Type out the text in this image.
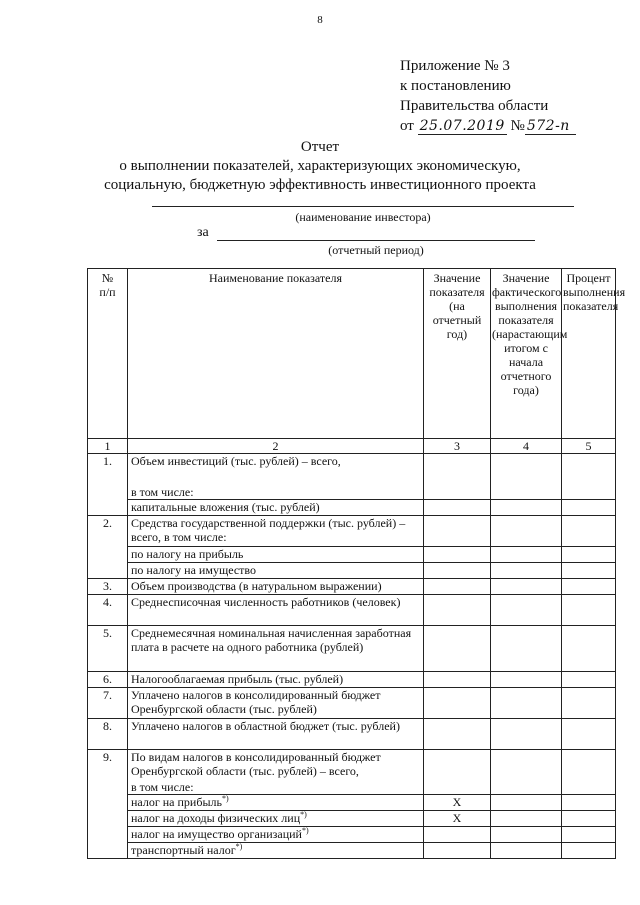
8
Приложение № 3
к постановлению
Правительства области
от 25.07.2019 № 572-п
Отчет
о выполнении показателей, характеризующих экономическую,
социальную, бюджетную эффективность инвестиционного проекта
(наименование инвестора)
за
(отчетный период)
№ п/п	Наименование показателя	Значение показателя (на отчетный год)	Значение фактического выполнения показателя (нарастающим итогом с начала отчетного года)	Процент выполнения показателя
1	2	3	4	5
1.	Объем инвестиций (тыс. рублей) – всего,			
	в том числе:			
	капитальные вложения (тыс. рублей)			
2.	Средства государственной поддержки (тыс. рублей) – всего, в том числе:			
	по налогу на прибыль			
	по налогу на имущество			
3.	Объем производства (в натуральном выражении)			
4.	Среднесписочная численность работников (человек)			
5.	Среднемесячная номинальная начисленная заработная плата в расчете на одного работника (рублей)			
6.	Налогооблагаемая прибыль (тыс. рублей)			
7.	Уплачено налогов в консолидированный бюджет Оренбургской области (тыс. рублей)			
8.	Уплачено налогов в областной бюджет (тыс. рублей)			
9.	По видам налогов в консолидированный бюджет Оренбургской области (тыс. рублей) – всего,			
	в том числе:			
	налог на прибыль*)	Х		
	налог на доходы физических лиц*)	Х		
	налог на имущество организаций*)			
	транспортный налог*)			
